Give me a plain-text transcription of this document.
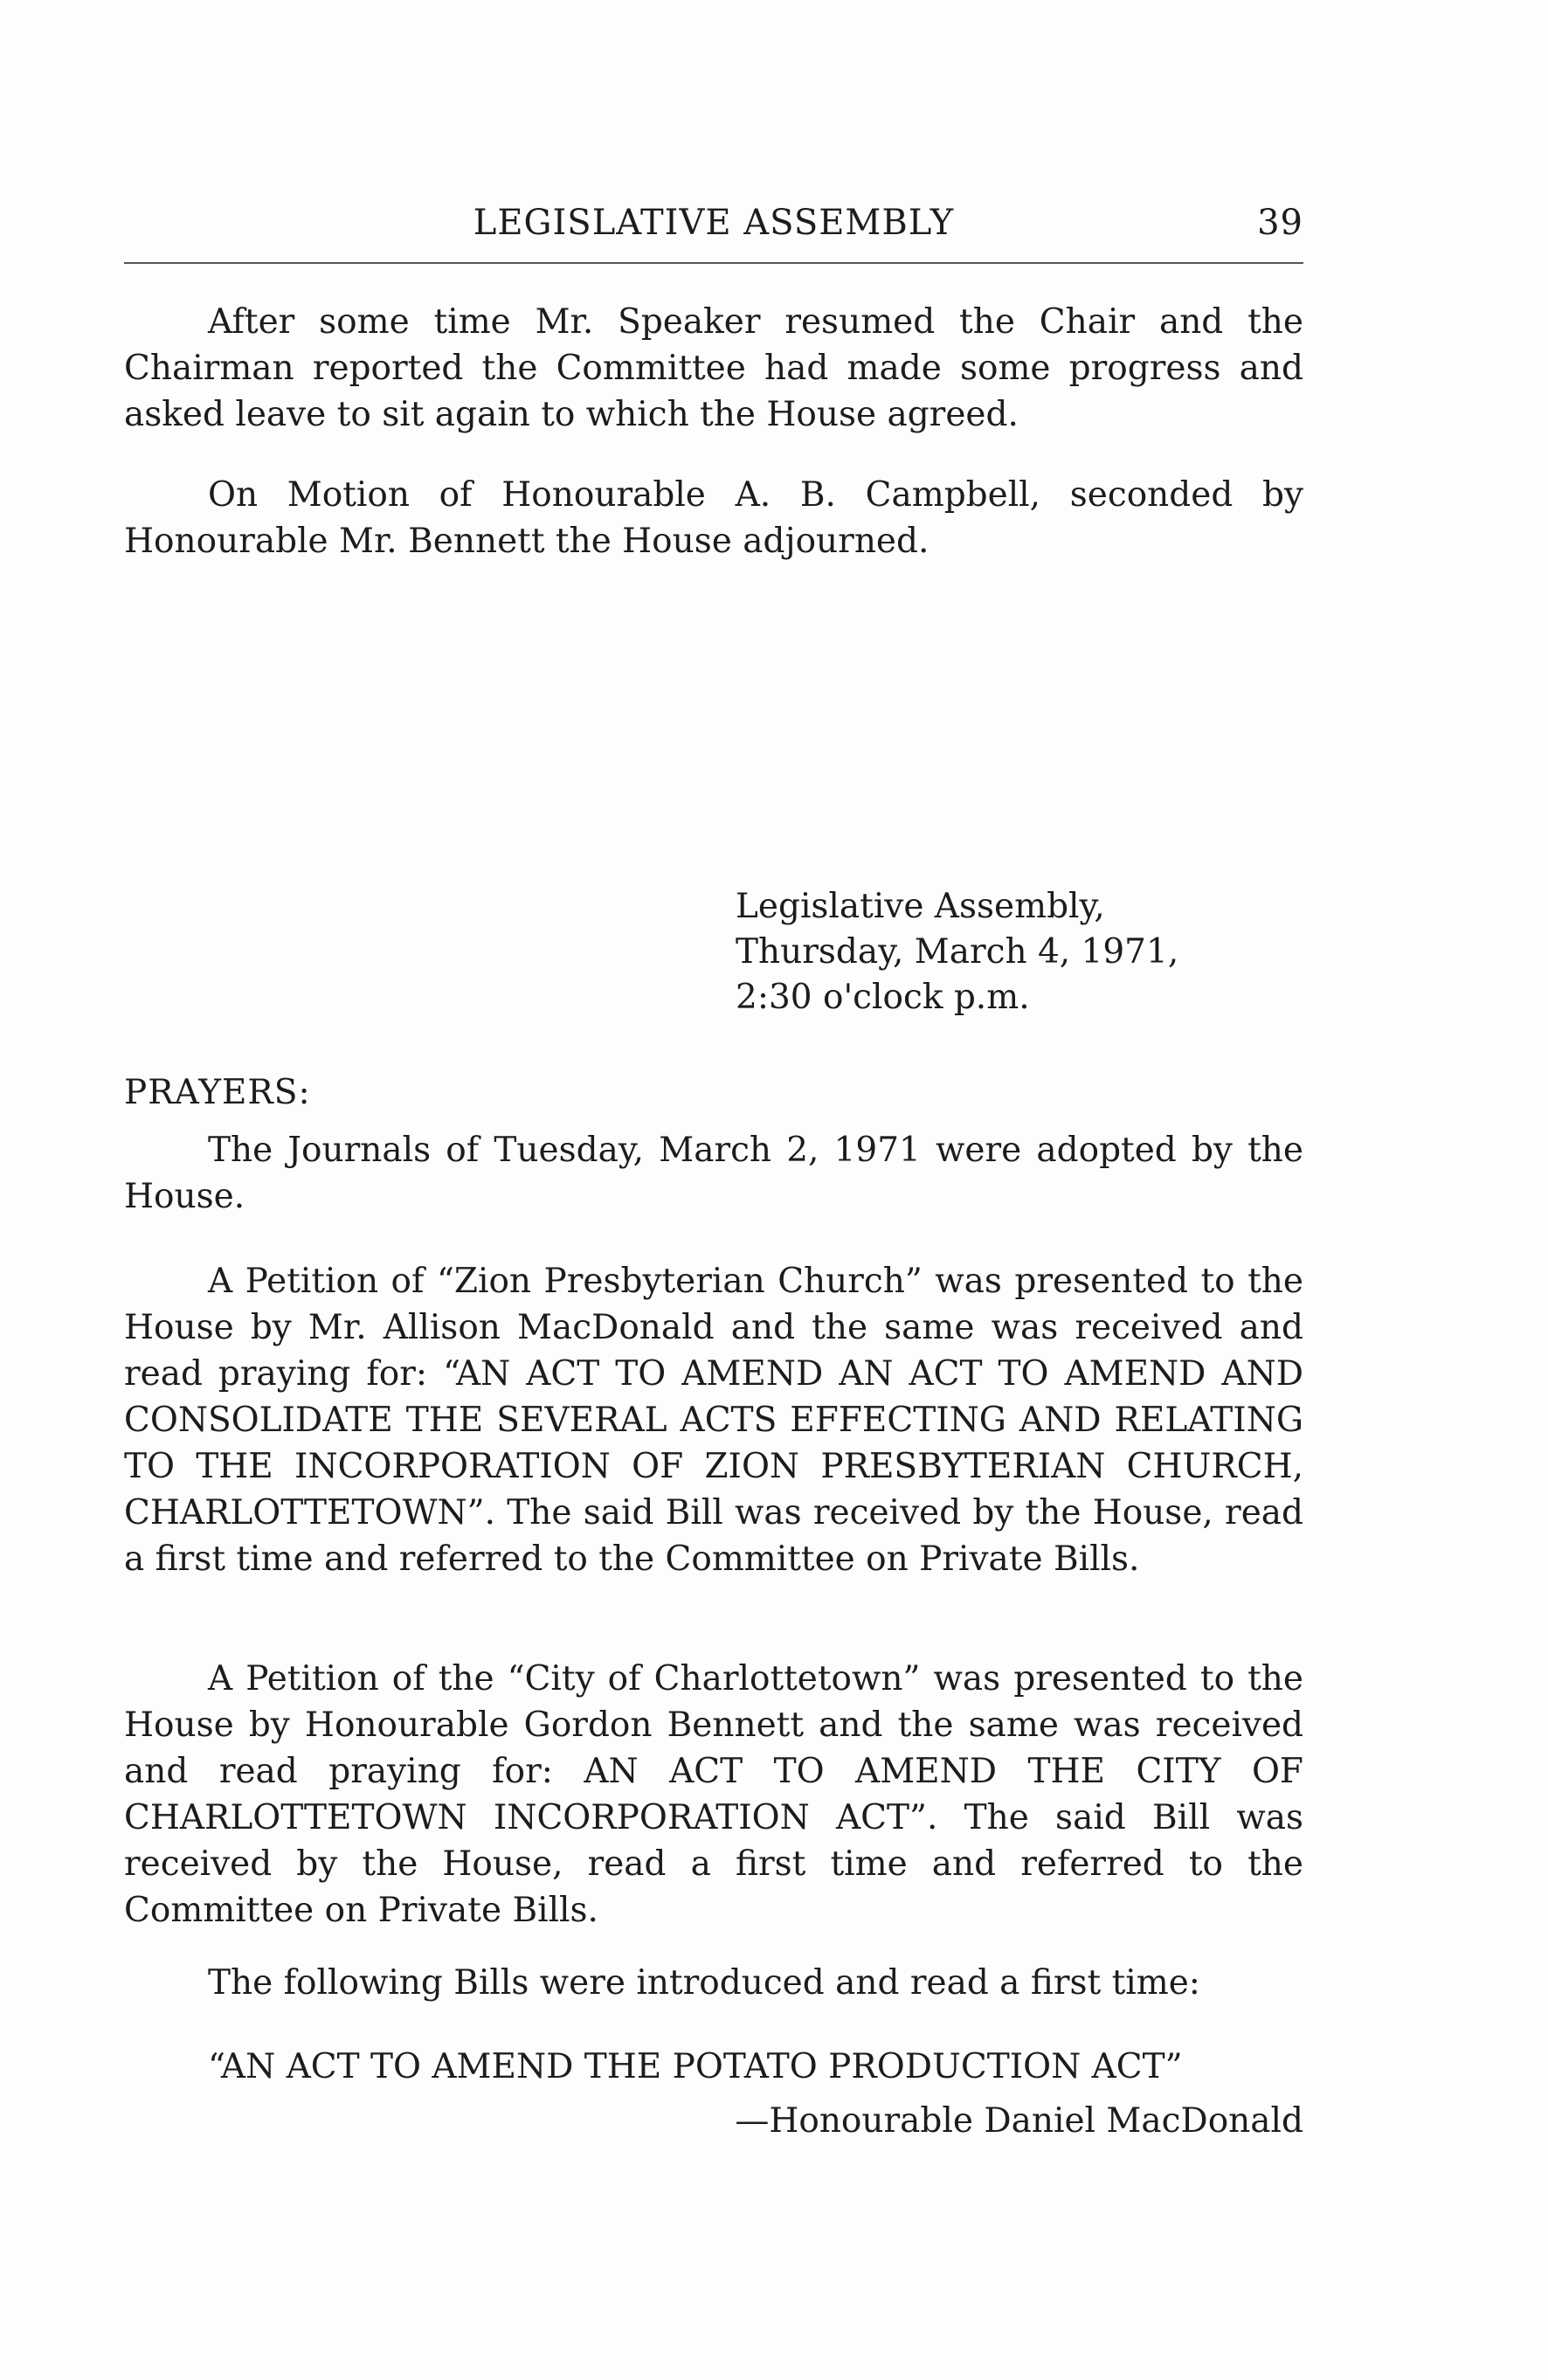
LEGISLATIVE ASSEMBLY	39

After some time Mr. Speaker resumed the Chair and the Chairman reported the Committee had made some progress and asked leave to sit again to which the House agreed.

On Motion of Honourable A. B. Campbell, seconded by Honourable Mr. Bennett the House adjourned.

Legislative Assembly,
Thursday, March 4, 1971,
2:30 o'clock p.m.
PRAYERS:

The Journals of Tuesday, March 2, 1971 were adopted by the House.

A Petition of “Zion Presbyterian Church” was presented to the House by Mr. Allison MacDonald and the same was received and read praying for: “AN ACT TO AMEND AN ACT TO AMEND AND CONSOLIDATE THE SEVERAL ACTS EFFECTING AND RELATING TO THE INCORPORATION OF ZION PRESBYTERIAN CHURCH, CHARLOTTETOWN”. The said Bill was received by the House, read a first time and referred to the Committee on Private Bills.

A Petition of the “City of Charlottetown” was presented to the House by Honourable Gordon Bennett and the same was received and read praying for: AN ACT TO AMEND THE CITY OF CHARLOTTETOWN INCORPORATION ACT”. The said Bill was received by the House, read a first time and referred to the Committee on Private Bills.

The following Bills were introduced and read a first time:

“AN ACT TO AMEND THE POTATO PRODUCTION ACT”
—Honourable Daniel MacDonald
